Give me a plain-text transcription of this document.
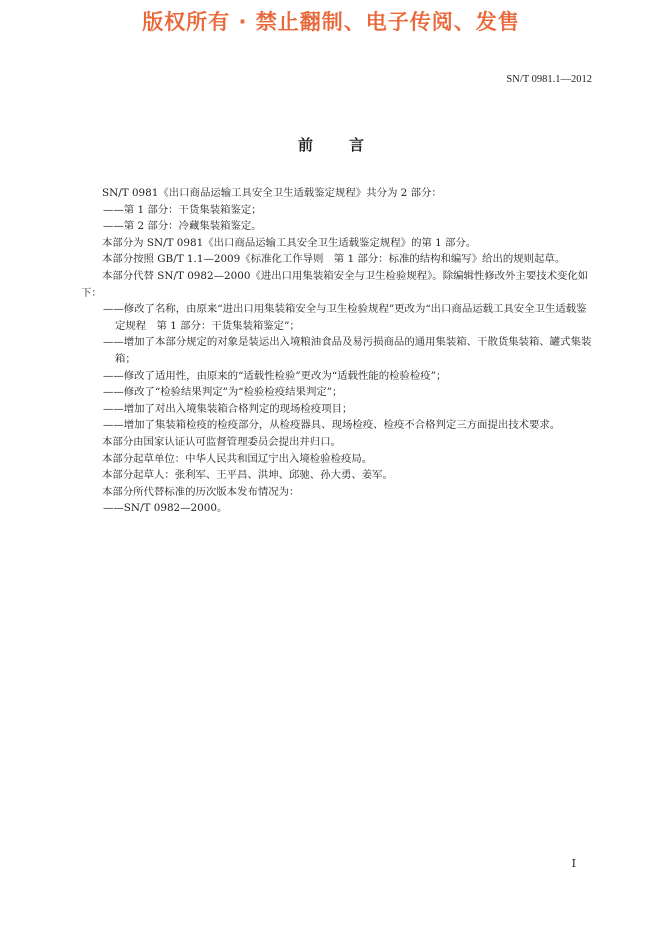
版权所有 · 禁止翻制、电子传阅、发售
SN/T 0981.1—2012
前言

SN/T 0981《出口商品运输工具安全卫生适载鉴定规程》共分为 2 部分：

——第 1 部分：干货集装箱鉴定；

——第 2 部分：冷藏集装箱鉴定。

本部分为 SN/T 0981《出口商品运输工具安全卫生适载鉴定规程》的第 1 部分。

本部分按照 GB/T 1.1—2009《标准化工作导则　第 1 部分：标准的结构和编写》给出的规则起草。

本部分代替 SN/T 0982—2000《进出口用集装箱安全与卫生检验规程》。除编辑性修改外主要技术变化如下：

——修改了名称，由原来“进出口用集装箱安全与卫生检验规程”更改为“出口商品运载工具安全卫生适载鉴定规程　第 1 部分：干货集装箱鉴定”；

——增加了本部分规定的对象是装运出入境粮油食品及易污损商品的通用集装箱、干散货集装箱、罐式集装箱；

——修改了适用性，由原来的“适载性检验”更改为“适载性能的检验检疫”；

——修改了“检验结果判定”为“检验检疫结果判定”；

——增加了对出入境集装箱合格判定的现场检疫项目；

——增加了集装箱检疫的检疫部分，从检疫器具、现场检疫、检疫不合格判定三方面提出技术要求。

本部分由国家认证认可监督管理委员会提出并归口。

本部分起草单位：中华人民共和国辽宁出入境检验检疫局。

本部分起草人：张利军、王平昌、洪坤、邱驰、孙大勇、姜军。

本部分所代替标准的历次版本发布情况为：

——SN/T 0982—2000。

I
